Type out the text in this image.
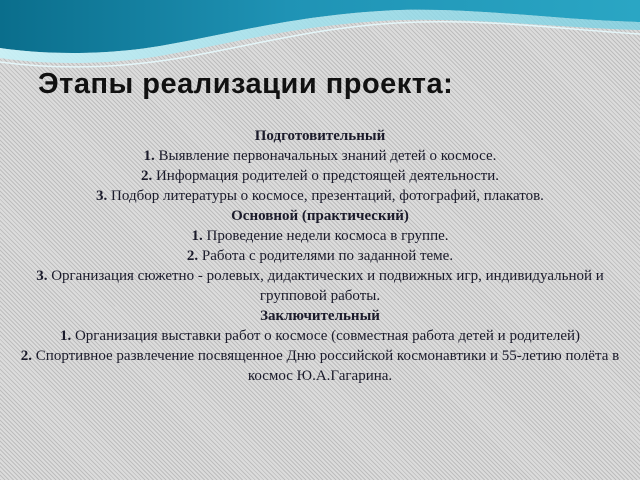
Этапы реализации проекта:

Подготовительный

1. Выявление первоначальных знаний детей о космосе.

2. Информация родителей о предстоящей деятельности.

3. Подбор литературы о космосе, презентаций, фотографий, плакатов.

Основной (практический)

1. Проведение недели космоса в группе.

2. Работа с родителями по заданной теме.

3. Организация сюжетно - ролевых, дидактических и подвижных игр, индивидуальной и групповой работы.

Заключительный

1. Организация выставки работ о космосе (совместная работа детей и родителей)

2. Спортивное развлечение посвященное Дню российской космонавтики и 55-летию полёта в космос Ю.А.Гагарина.
